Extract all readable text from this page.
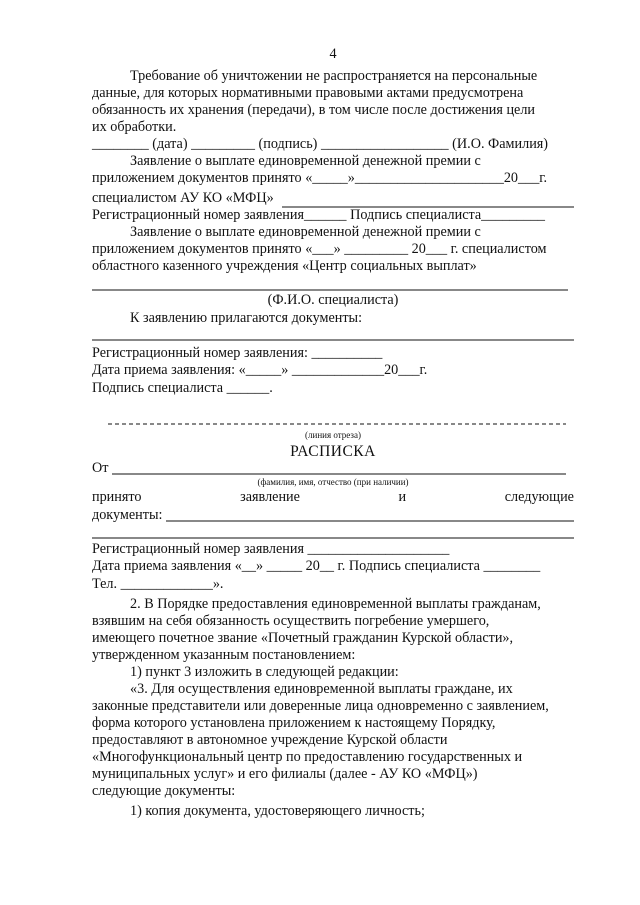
4
Требование об уничтожении не распространяется на персональные
данные, для которых нормативными правовыми актами предусмотрена
обязанность их хранения (передачи), в том числе после достижения цели
их обработки.
________ (дата) _________ (подпись) __________________ (И.О. Фамилия)
Заявление о выплате единовременной денежной премии с
приложением документов принято «_____»_____________________20___г.
специалистом АУ КО «МФЦ»
Регистрационный номер заявления______ Подпись специалиста_________
Заявление о выплате единовременной денежной премии с
приложением документов принято «___» _________ 20___ г. специалистом
областного казенного учреждения «Центр социальных выплат»
(Ф.И.О. специалиста)
К заявлению прилагаются документы:
Регистрационный номер заявления: __________
Дата приема заявления: «_____» _____________20___г.
Подпись специалиста ______.
(линия отреза)
РАСПИСКА
От
(фамилия, имя, отчество (при наличии)
принято	заявление	и	следующие
документы:
Регистрационный номер заявления ____________________
Дата приема заявления «__» _____ 20__ г. Подпись специалиста ________
Тел. _____________».
2. В Порядке предоставления единовременной выплаты гражданам,
взявшим на себя обязанность осуществить погребение умершего,
имеющего почетное звание «Почетный гражданин Курской области»,
утвержденном указанным постановлением:
1) пункт 3 изложить в следующей редакции:
«3. Для осуществления единовременной выплаты граждане, их
законные представители или доверенные лица одновременно с заявлением,
форма которого установлена приложением к настоящему Порядку,
предоставляют в автономное учреждение Курской области
«Многофункциональный центр по предоставлению государственных и
муниципальных услуг» и его филиалы (далее - АУ КО «МФЦ»)
следующие документы:
1) копия документа, удостоверяющего личность;
